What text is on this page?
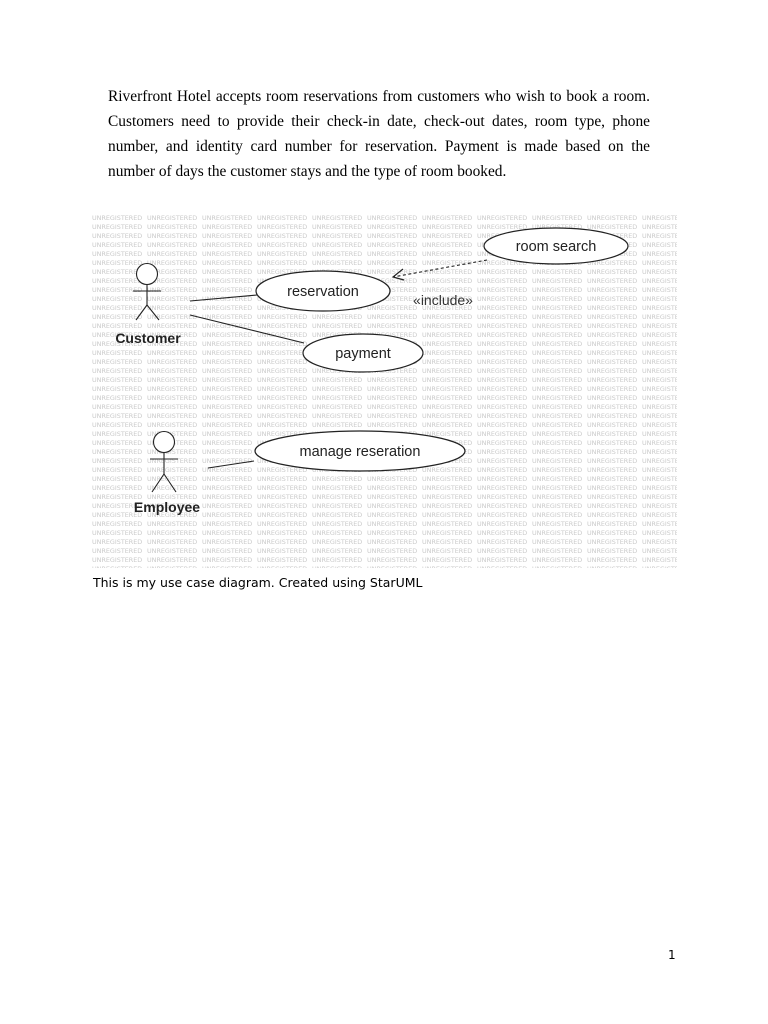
Riverfront Hotel accepts room reservations from customers who wish to book a room. Customers need to provide their check-in date, check-out dates, room type, phone number, and identity card number for reservation. Payment is made based on the number of days the customer stays and the type of room booked.

Customer
Employee
room search
reservation
payment
manage reseration
«include»

This is my use case diagram. Created using StarUML

1
